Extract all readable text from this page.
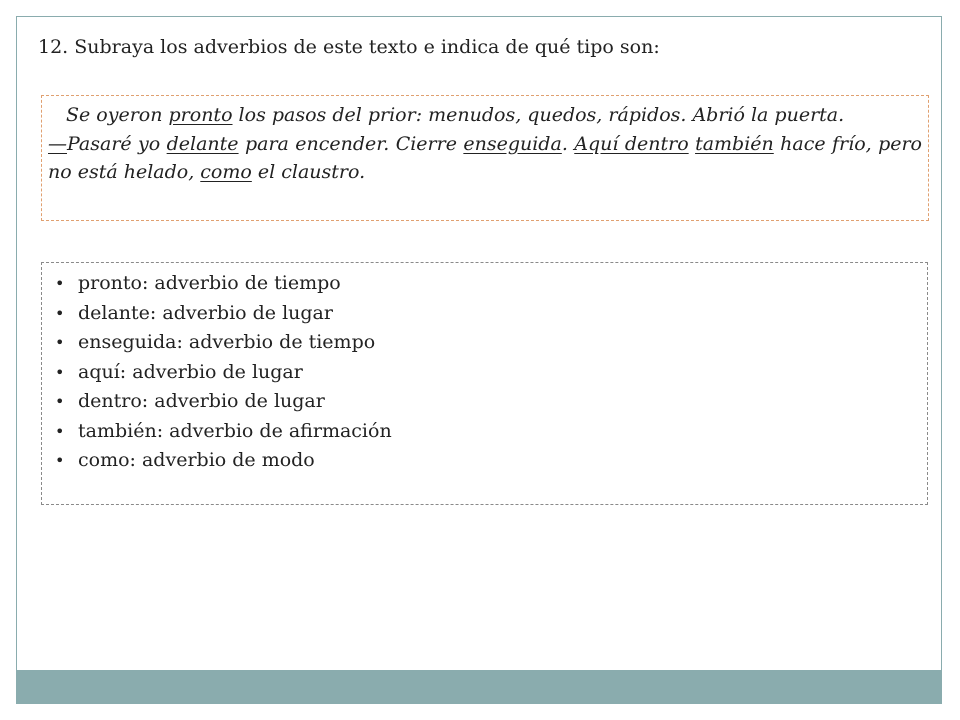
12. Subraya los adverbios de este texto e indica de qué tipo son:

Se oyeron pronto los pasos del prior: menudos, quedos, rápidos. Abrió la puerta.

—Pasaré yo delante para encender. Cierre enseguida. Aquí dentro también hace frío, pero no está helado, como el claustro.

• pronto: adverbio de tiempo
• delante: adverbio de lugar
• enseguida: adverbio de tiempo
• aquí: adverbio de lugar
• dentro: adverbio de lugar
• también: adverbio de afirmación
• como: adverbio de modo
